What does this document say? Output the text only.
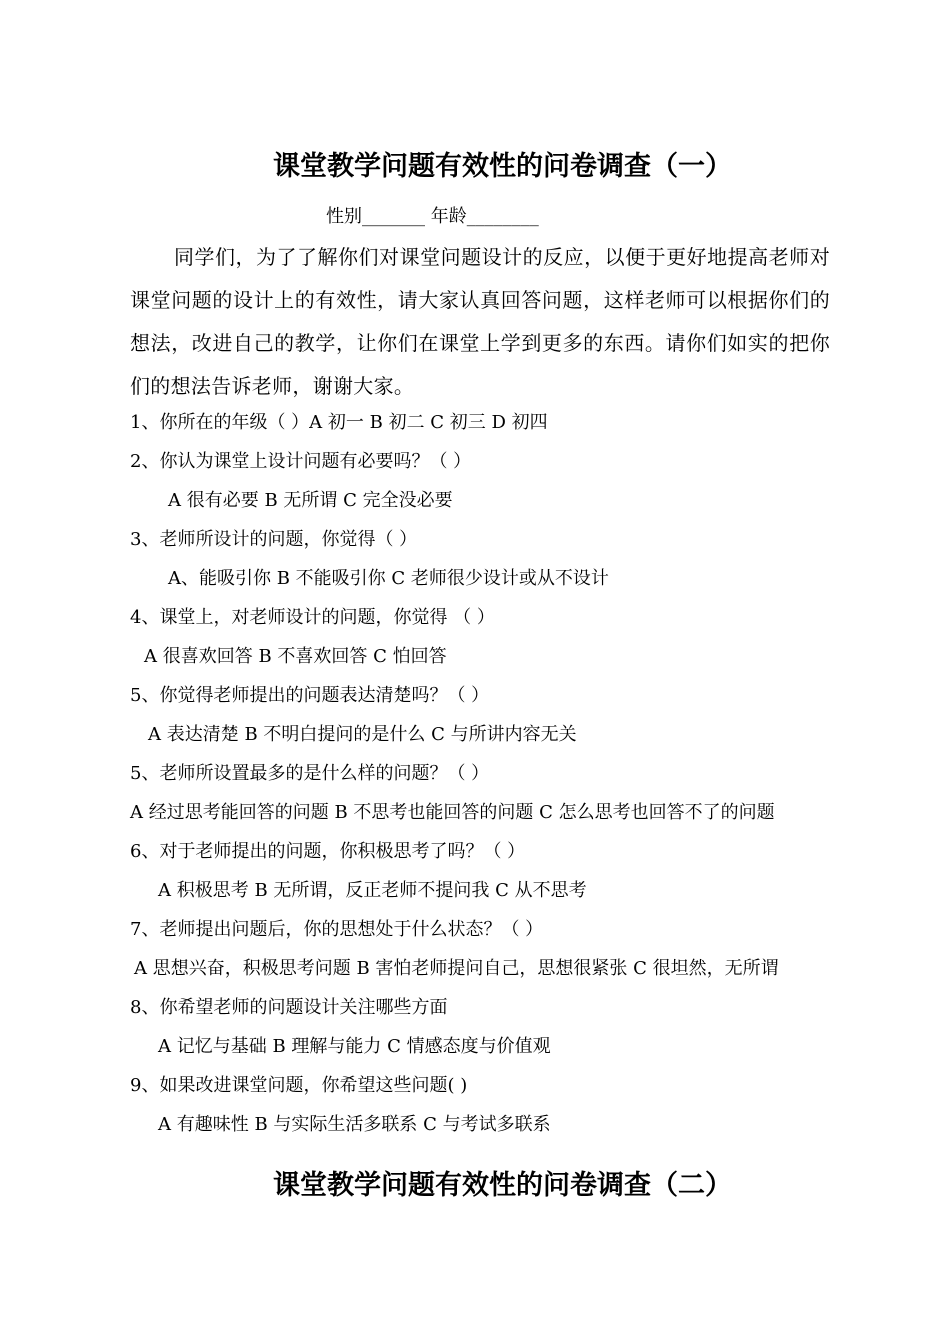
课堂教学问题有效性的问卷调查（一）
性别_______ 年龄________

同学们，为了了解你们对课堂问题设计的反应，以便于更好地提高老师对课堂问题的设计上的有效性，请大家认真回答问题，这样老师可以根据你们的想法，改进自己的教学，让你们在课堂上学到更多的东西。请你们如实的把你们的想法告诉老师，谢谢大家。

1、你所在的年级（ ）A 初一 B 初二 C 初三 D 初四
2、你认为课堂上设计问题有必要吗？（ ）
A 很有必要 B 无所谓 C 完全没必要
3、老师所设计的问题，你觉得（ ）
A、能吸引你 B 不能吸引你 C 老师很少设计或从不设计
4、课堂上，对老师设计的问题，你觉得 （ ）
A 很喜欢回答 B 不喜欢回答 C 怕回答
5、你觉得老师提出的问题表达清楚吗？（ ）
A 表达清楚 B 不明白提问的是什么 C 与所讲内容无关
5、老师所设置最多的是什么样的问题？（ ）
A 经过思考能回答的问题 B 不思考也能回答的问题 C 怎么思考也回答不了的问题
6、对于老师提出的问题，你积极思考了吗？（ ）
A 积极思考 B 无所谓，反正老师不提问我 C 从不思考
7、老师提出问题后，你的思想处于什么状态？（ ）
A 思想兴奋，积极思考问题 B 害怕老师提问自己，思想很紧张 C 很坦然，无所谓
8、你希望老师的问题设计关注哪些方面
A 记忆与基础 B 理解与能力 C 情感态度与价值观
9、如果改进课堂问题，你希望这些问题( )
A 有趣味性 B 与实际生活多联系 C 与考试多联系
课堂教学问题有效性的问卷调查（二）
